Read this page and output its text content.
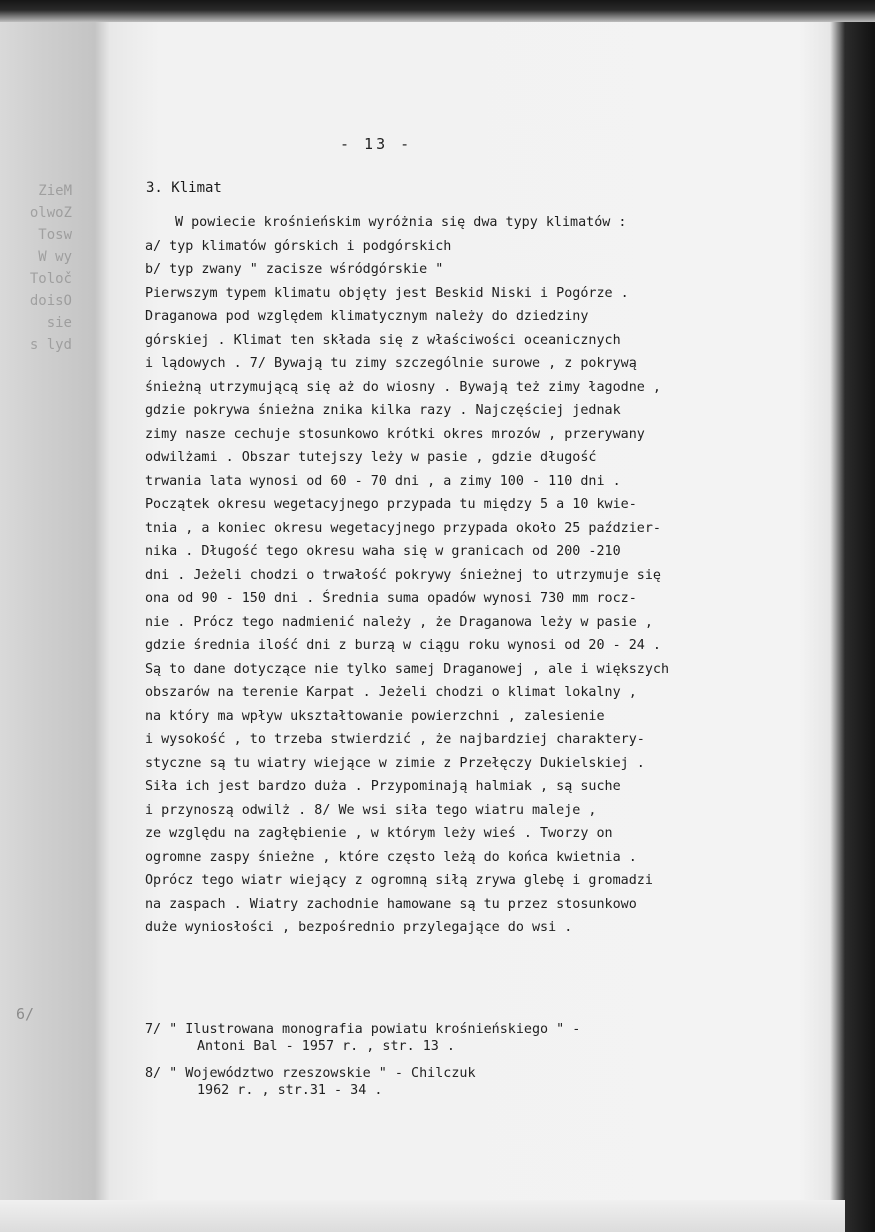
ZieM
olwoZ
Tosw
W wy
Toloč
doisO
sie
s lyd
6/
- 13 -
3. Klimat
W powiecie krośnieńskim wyróżnia się dwa typy klimatów :
a/ typ klimatów górskich i podgórskich
b/ typ zwany " zacisze wśródgórskie "
Pierwszym typem klimatu objęty jest Beskid Niski i Pogórze .
Draganowa pod względem klimatycznym należy do dziedziny
górskiej . Klimat ten składa się z właściwości oceanicznych
i lądowych . 7/ Bywają tu zimy szczególnie surowe , z pokrywą
śnieżną utrzymującą się aż do wiosny . Bywają też zimy łagodne ,
gdzie pokrywa śnieżna znika kilka razy . Najczęściej jednak
zimy nasze cechuje stosunkowo krótki okres mrozów , przerywany
odwilżami . Obszar tutejszy leży w pasie , gdzie długość
trwania lata wynosi od 60 - 70 dni , a zimy 100 - 110 dni .
Początek okresu wegetacyjnego przypada tu między 5 a 10 kwie-
tnia , a koniec okresu wegetacyjnego przypada około 25 paździer-
nika . Długość tego okresu waha się w granicach od 200 -210
dni . Jeżeli chodzi o trwałość pokrywy śnieżnej to utrzymuje się
ona od 90 - 150 dni . Średnia suma opadów wynosi 730 mm rocz-
nie . Prócz tego nadmienić należy , że Draganowa leży w pasie ,
gdzie średnia ilość dni z burzą w ciągu roku wynosi od 20 - 24 .
Są to dane dotyczące nie tylko samej Draganowej , ale i większych
obszarów na terenie Karpat . Jeżeli chodzi o klimat lokalny ,
na który ma wpływ ukształtowanie powierzchni , zalesienie
i wysokość , to trzeba stwierdzić , że najbardziej charaktery-
styczne są tu wiatry wiejące w zimie z Przełęczy Dukielskiej .
Siła ich jest bardzo duża . Przypominają halmiak , są suche
i przynoszą odwilż . 8/ We wsi siła tego wiatru maleje ,
ze względu na zagłębienie , w którym leży wieś . Tworzy on
ogromne zaspy śnieżne , które często leżą do końca kwietnia .
Oprócz tego wiatr wiejący z ogromną siłą zrywa glebę i gromadzi
na zaspach . Wiatry zachodnie hamowane są tu przez stosunkowo
duże wyniosłości , bezpośrednio przylegające do wsi .
7/ " Ilustrowana monografia powiatu krośnieńskiego " -
Antoni Bal - 1957 r. , str. 13 .
8/ " Województwo rzeszowskie " - Chilczuk
1962 r. , str.31 - 34 .
